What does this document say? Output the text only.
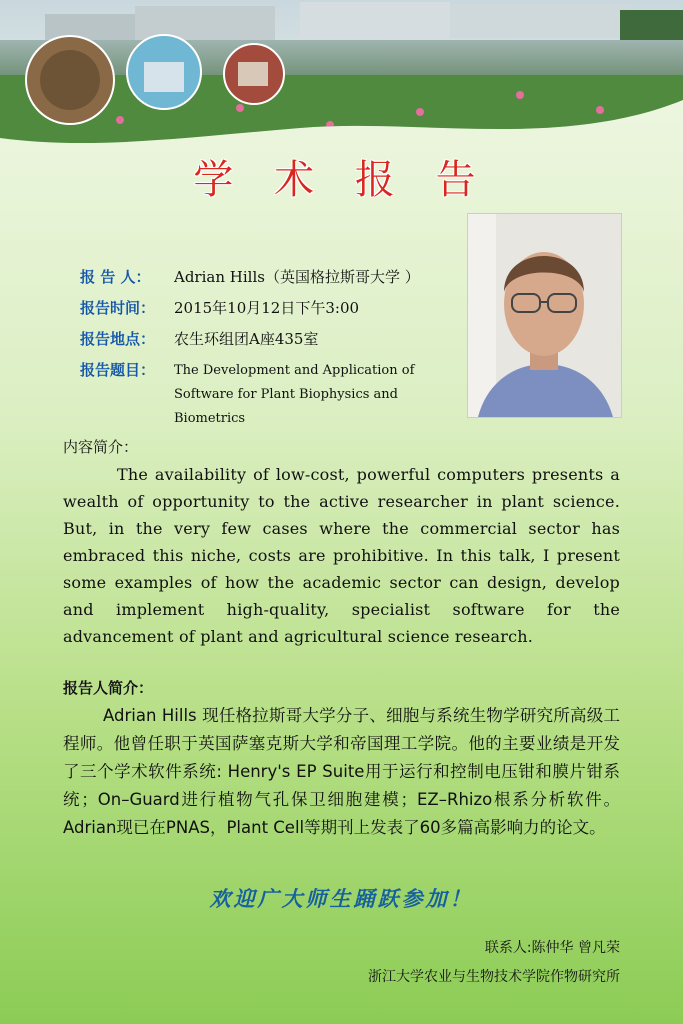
学 术 报 告
报 告 人：	Adrian Hills（英国格拉斯哥大学 ）
报告时间：	2015年10月12日下午3:00
报告地点：	农生环组团A座435室
报告题目：	The Development and Application of Software for Plant Biophysics and Biometrics
内容简介：
The availability of low-cost, powerful computers presents a wealth of opportunity to the active researcher in plant science. But, in the very few cases where the commercial sector has embraced this niche, costs are prohibitive. In this talk, I present some examples of how the academic sector can design, develop and implement high-quality, specialist software for the advancement of plant and agricultural science research.
报告人简介：
Adrian Hills 现任格拉斯哥大学分子、细胞与系统生物学研究所高级工程师。他曾任职于英国萨塞克斯大学和帝国理工学院。他的主要业绩是开发了三个学术软件系统: Henry's EP Suite用于运行和控制电压钳和膜片钳系统；On–Guard进行植物气孔保卫细胞建模；EZ–Rhizo根系分析软件。Adrian现已在PNAS，Plant Cell等期刊上发表了60多篇高影响力的论文。
欢迎广大师生踊跃参加！
联系人:陈仲华 曾凡荣
浙江大学农业与生物技术学院作物研究所
